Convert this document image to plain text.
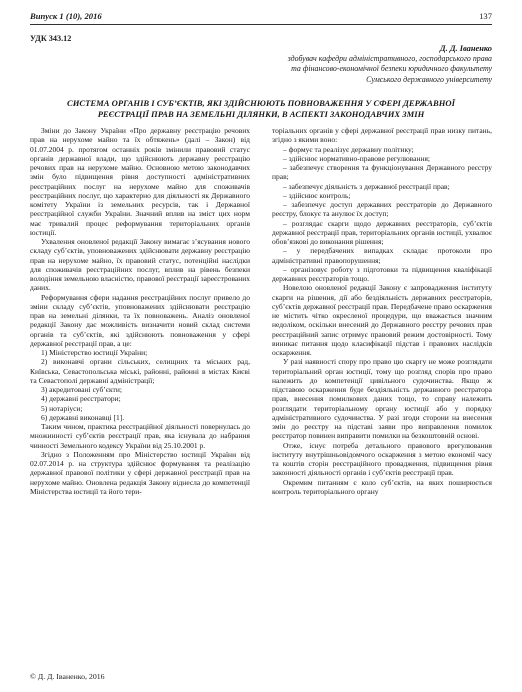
Випуск 1 (10), 2016	137
УДК 343.12
Д. Д. Іваненко
здобувач кафедри адміністративного, господарського права
та фінансово-економічної безпеки юридичного факультету
Сумського державного університету
СИСТЕМА ОРГАНІВ І СУБ’ЄКТІВ, ЯКІ ЗДІЙСНЮЮТЬ ПОВНОВАЖЕННЯ У СФЕРІ ДЕРЖАВНОЇ
РЕЄСТРАЦІЇ ПРАВ НА ЗЕМЕЛЬНІ ДІЛЯНКИ, В АСПЕКТІ ЗАКОНОДАВЧИХ ЗМІН

Зміни до Закону України «Про державну реєстрацію речових прав на нерухоме майно та їх обтяжень» (далі – Закон) від 01.07.2004 р. протягом останніх років змінили правовий статус органів державної влади, що здійснюють державну реєстрацію речових прав на нерухоме майно. Основною метою законодавчих змін було підвищення рівня доступності адміністративних реєстраційних послуг на нерухоме майно для споживачів реєстраційних послуг, що характерно для діяльності як Державного комітету України із земельних ресурсів, так і Державної реєстраційної служби України. Значний вплив на зміст цих норм має тривалий процес реформування територіальних органів юстиції.

Ухвалення оновленої редакції Закону вимагає з’ясування нового складу суб’єктів, уповноважених здійснювати державну реєстрацію прав на нерухоме майно, їх правовий статус, потенційні наслідки для споживачів реєстраційних послуг, вплив на рівень безпеки володіння земельною власністю, правової реєстрації зареєстрованих даних.

Реформування сфери надання реєстраційних послуг привело до зміни складу суб’єктів, уповноважених здійснювати реєстрацію прав на земельні ділянки, та їх повноважень. Аналіз оновленої редакції Закону дає можливість визначити новий склад системи органів та суб’єктів, які здійснюють повноваження у сфері державної реєстрації прав, а це:

1) Міністерство юстиції України;

2) виконавчі органи сільських, селищних та міських рад, Київська, Севастопольська міські, районні, районні в містах Києві та Севастополі державні адміністрації;

3) акредитовані суб’єкти;

4) державні реєстратори;

5) нотаріуси;

6) державні виконавці [1].

Таким чином, практика реєстраційної діяльності повернулась до множинності суб’єктів реєстрації прав, яка існувала до набрання чинності Земельного кодексу України від 25.10.2001 р.

Згідно з Положенням про Міністерство юстиції України від 02.07.2014 р. на структура здійснює формування та реалізацію державної правової політики у сфері державної реєстрації прав на нерухоме майно. Оновлена редакція Закону віднесла до компетенції Міністерства юстиції та його тери-

торіальних органів у сфері державної реєстрації прав низку питань, згідно з якими воно:

– формує та реалізує державну політику;

– здійснює нормативно-правове регулювання;

– забезпечує створення та функціонування Державного реєстру прав;

– забезпечує діяльність з державної реєстрації прав;

– здійснює контроль;

– забезпечує доступ державних реєстраторів до Державного реєстру, блокує та анулює їх доступ;

– розглядає скарги щодо державних реєстраторів, суб’єктів державної реєстрації прав, територіальних органів юстиції, ухвалює обов’язкові до виконання рішення;

– у передбачених випадках складає протоколи про адміністративні правопорушення;

– організовує роботу з підготовки та підвищення кваліфікації державних реєстраторів тощо.

Новелою оновленої редакції Закону є запровадження інституту скарги на рішення, дії або бездіяльність державних реєстраторів, суб’єктів державної реєстрації прав. Передбачене право оскарження не містить чітко окресленої процедури, що вважається значним недоліком, оскільки внесений до Державного реєстру речових прав реєстраційний запис отримує правовий режим достовірності. Тому виникає питання щодо класифікації підстав і правових наслідків оскарження.

У разі наявності спору про право цю скаргу не може розглядати територіальний орган юстиції, тому що розгляд спорів про право належить до компетенції цивільного судочинства. Якщо ж підставою оскарження буде бездіяльність державного реєстратора прав, внесення помилкових даних тощо, то справу належить розглядати територіальному органу юстиції або у порядку адміністративного судочинства. У разі згоди сторони на внесення змін до реєстру на підставі заяви про виправлення помилок реєстратор повинен виправити помилки на безкоштовній основі.

Отже, існує потреба детального правового врегулювання інституту внутрішньовідомчого оскарження з метою економії часу та коштів сторін реєстраційного провадження, підвищення рівня законності діяльності органів і суб’єктів реєстрації прав.

Окремим питанням є коло суб’єктів, на яких поширюється контроль територіального органу

© Д. Д. Іваненко, 2016
